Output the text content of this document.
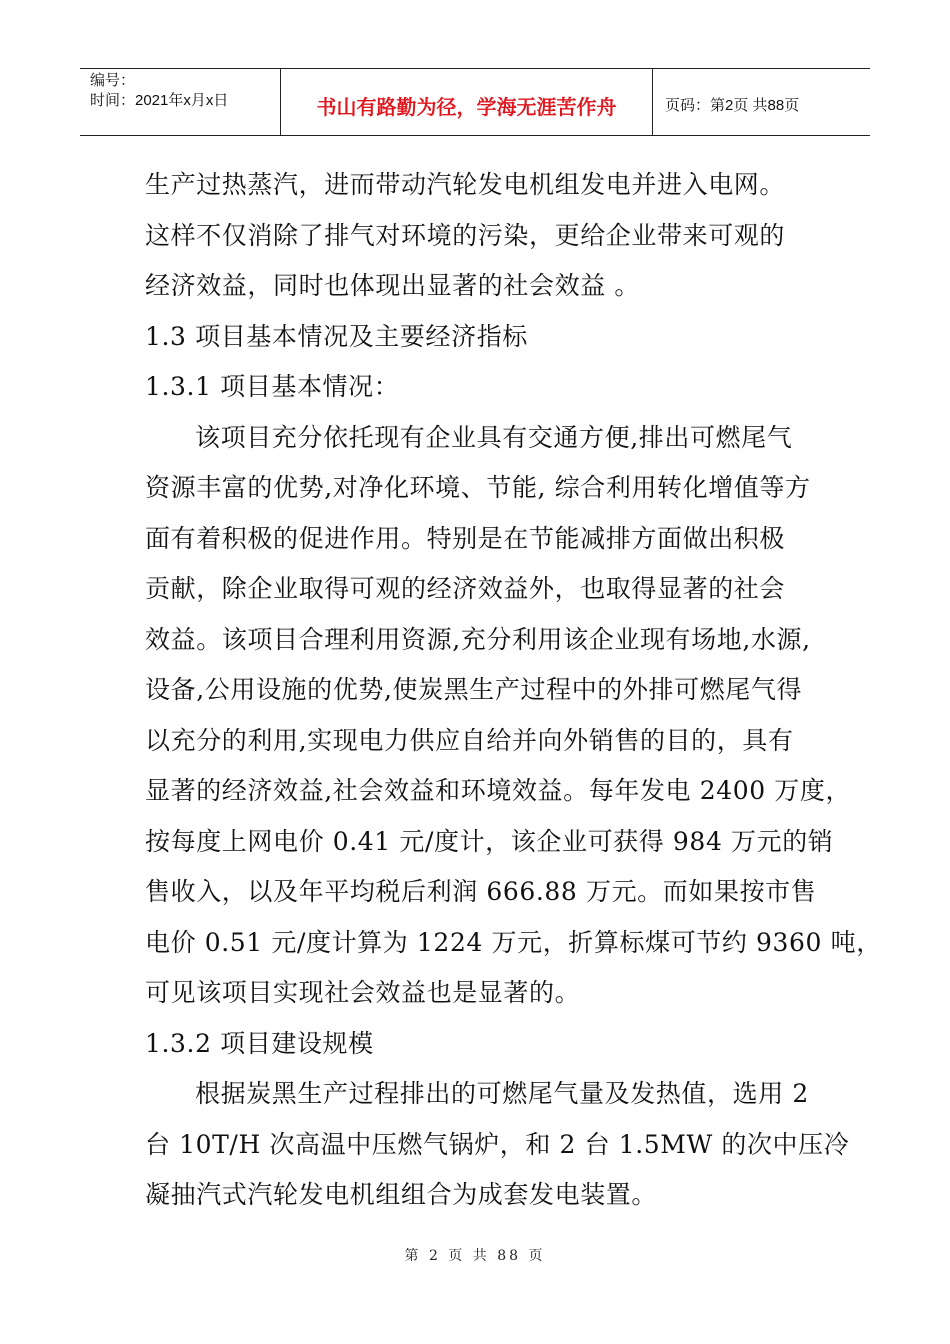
编号：
时间：2021年x月x日	书山有路勤为径，学海无涯苦作舟	页码：第2页 共88页
生产过热蒸汽，进而带动汽轮发电机组发电并进入电网。
这样不仅消除了排气对环境的污染，更给企业带来可观的
经济效益，同时也体现出显著的社会效益 。
1.3 项目基本情况及主要经济指标
1.3.1 项目基本情况：
该项目充分依托现有企业具有交通方便,排出可燃尾气
资源丰富的优势,对净化环境、节能, 综合利用转化增值等方
面有着积极的促进作用。特别是在节能减排方面做出积极
贡献，除企业取得可观的经济效益外，也取得显著的社会
效益。该项目合理利用资源,充分利用该企业现有场地,水源,
设备,公用设施的优势,使炭黑生产过程中的外排可燃尾气得
以充分的利用,实现电力供应自给并向外销售的目的，具有
显著的经济效益,社会效益和环境效益。每年发电 2400 万度，
按每度上网电价 0.41 元/度计，该企业可获得 984 万元的销
售收入，以及年平均税后利润 666.88 万元。而如果按市售
电价 0.51 元/度计算为 1224 万元，折算标煤可节约 9360 吨，
可见该项目实现社会效益也是显著的。
1.3.2 项目建设规模
根据炭黑生产过程排出的可燃尾气量及发热值，选用 2
台 10T/H 次高温中压燃气锅炉，和 2 台 1.5MW 的次中压冷
凝抽汽式汽轮发电机组组合为成套发电装置。
第 2 页 共 88 页
